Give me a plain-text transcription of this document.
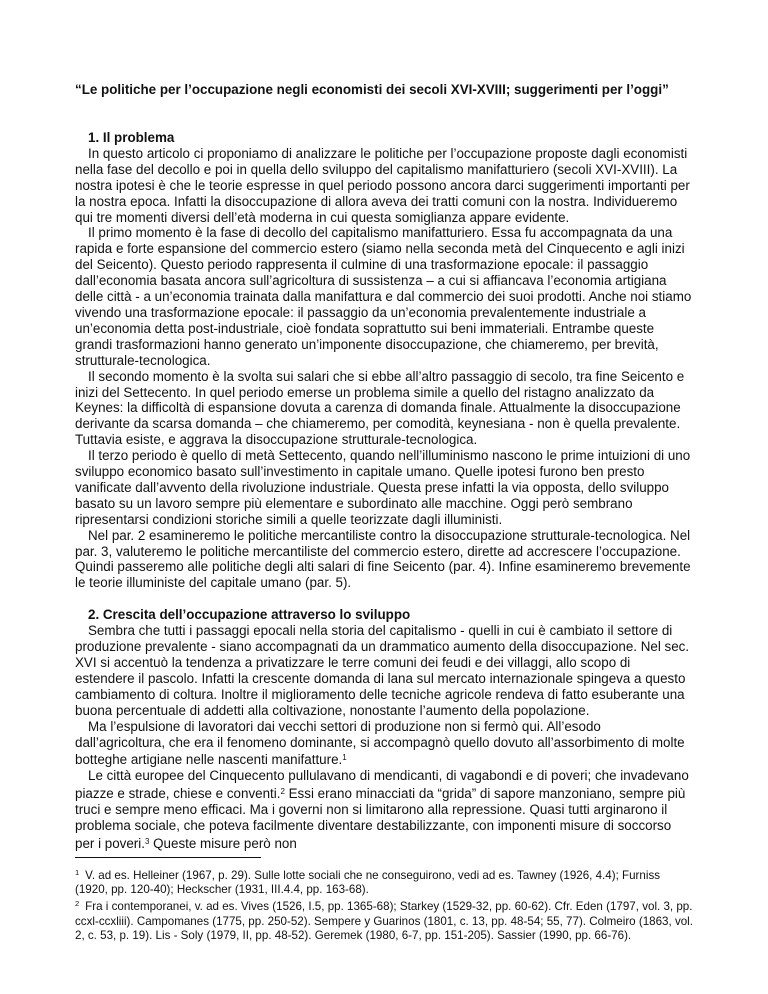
“Le politiche per l’occupazione negli economisti dei secoli XVI-XVIII; suggerimenti per l’oggi”
1. Il problema

In questo articolo ci proponiamo di analizzare le politiche per l’occupazione proposte dagli economisti nella fase del decollo e poi in quella dello sviluppo del capitalismo manifatturiero (secoli XVI-XVIII). La nostra ipotesi è che le teorie espresse in quel periodo possono ancora darci suggerimenti importanti per la nostra epoca. Infatti la disoccupazione di allora aveva dei tratti comuni con la nostra. Individueremo qui tre momenti diversi dell’età moderna in cui questa somiglianza appare evidente.

Il primo momento è la fase di decollo del capitalismo manifatturiero. Essa fu accompagnata da una rapida e forte espansione del commercio estero (siamo nella seconda metà del Cinquecento e agli inizi del Seicento). Questo periodo rappresenta il culmine di una trasformazione epocale: il passaggio dall’economia basata ancora sull’agricoltura di sussistenza – a cui si affiancava l’economia artigiana delle città - a un’economia trainata dalla manifattura e dal commercio dei suoi prodotti. Anche noi stiamo vivendo una trasformazione epocale: il passaggio da un’economia prevalentemente industriale a un’economia detta post-industriale, cioè fondata soprattutto sui beni immateriali. Entrambe queste grandi trasformazioni hanno generato un’imponente disoccupazione, che chiameremo, per brevità, strutturale-tecnologica.

Il secondo momento è la svolta sui salari che si ebbe all’altro passaggio di secolo, tra fine Seicento e inizi del Settecento. In quel periodo emerse un problema simile a quello del ristagno analizzato da Keynes: la difficoltà di espansione dovuta a carenza di domanda finale. Attualmente la disoccupazione derivante da scarsa domanda – che chiameremo, per comodità, keynesiana - non è quella prevalente. Tuttavia esiste, e aggrava la disoccupazione strutturale-tecnologica.

Il terzo periodo è quello di metà Settecento, quando nell’illuminismo nascono le prime intuizioni di uno sviluppo economico basato sull’investimento in capitale umano. Quelle ipotesi furono ben presto vanificate dall’avvento della rivoluzione industriale. Questa prese infatti la via opposta, dello sviluppo basato su un lavoro sempre più elementare e subordinato alle macchine. Oggi però sembrano ripresentarsi condizioni storiche simili a quelle teorizzate dagli illuministi.

Nel par. 2 esamineremo le politiche mercantiliste contro la disoccupazione strutturale-tecnologica. Nel par. 3, valuteremo le politiche mercantiliste del commercio estero, dirette ad accrescere l’occupazione. Quindi passeremo alle politiche degli alti salari di fine Seicento (par. 4). Infine esamineremo brevemente le teorie illuministe del capitale umano (par. 5).

2. Crescita dell’occupazione attraverso lo sviluppo

Sembra che tutti i passaggi epocali nella storia del capitalismo - quelli in cui è cambiato il settore di produzione prevalente - siano accompagnati da un drammatico aumento della disoccupazione. Nel sec. XVI si accentuò la tendenza a privatizzare le terre comuni dei feudi e dei villaggi, allo scopo di estendere il pascolo. Infatti la crescente domanda di lana sul mercato internazionale spingeva a questo cambiamento di coltura. Inoltre il miglioramento delle tecniche agricole rendeva di fatto esuberante una buona percentuale di addetti alla coltivazione, nonostante l’aumento della popolazione.

Ma l’espulsione di lavoratori dai vecchi settori di produzione non si fermò qui. All’esodo dall’agricoltura, che era il fenomeno dominante, si accompagnò quello dovuto all’assorbimento di molte botteghe artigiane nelle nascenti manifatture.$^1$

Le città europee del Cinquecento pullulavano di mendicanti, di vagabondi e di poveri; che invadevano piazze e strade, chiese e conventi.$^2$ Essi erano minacciati da “grida” di sapore manzoniano, sempre più truci e sempre meno efficaci. Ma i governi non si limitarono alla repressione. Quasi tutti arginarono il problema sociale, che poteva facilmente diventare destabilizzante, con imponenti misure di soccorso per i poveri.$^3$ Queste misure però non

$^1$ V. ad es. Helleiner (1967, p. 29). Sulle lotte sociali che ne conseguirono, vedi ad es. Tawney (1926, 4.4); Furniss (1920, pp. 120-40); Heckscher (1931, III.4.4, pp. 163-68).
$^2$ Fra i contemporanei, v. ad es. Vives (1526, I.5, pp. 1365-68); Starkey (1529-32, pp. 60-62). Cfr. Eden (1797, vol. 3, pp. ccxl-ccxliii). Campomanes (1775, pp. 250-52). Sempere y Guarinos (1801, c. 13, pp. 48-54; 55, 77). Colmeiro (1863, vol. 2, c. 53, p. 19). Lis - Soly (1979, II, pp. 48-52). Geremek (1980, 6-7, pp. 151-205). Sassier (1990, pp. 66-76).
